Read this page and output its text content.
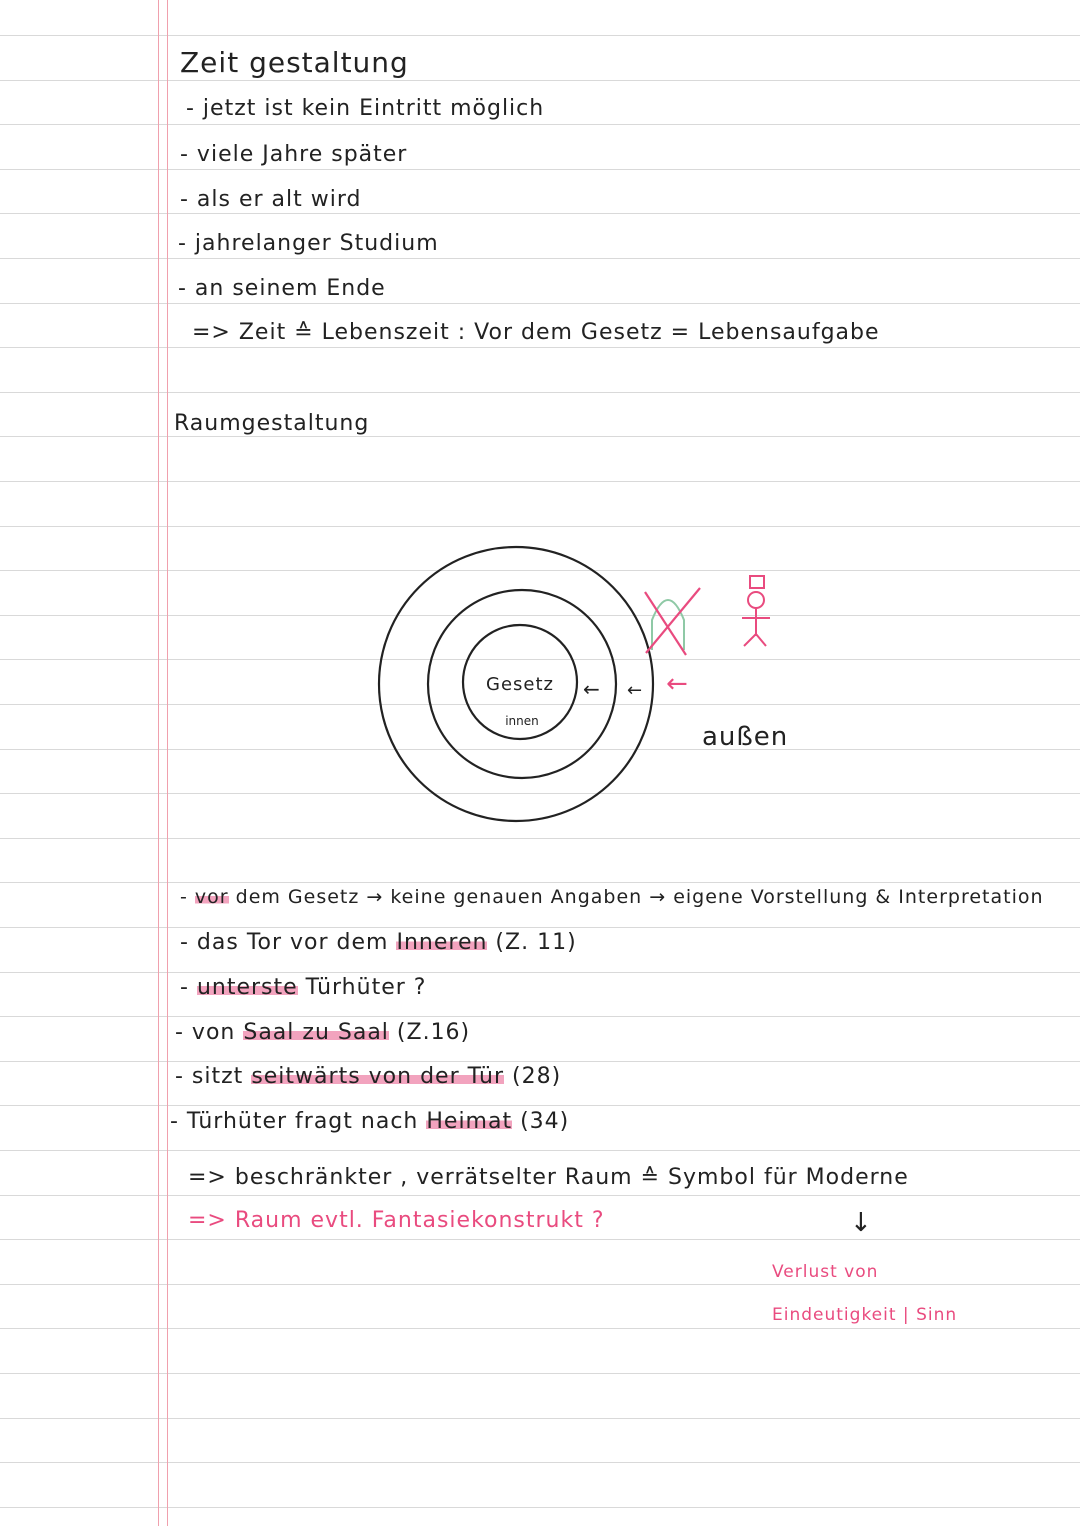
Zeit gestaltung
- jetzt ist kein Eintritt möglich
- viele Jahre später
- als er alt wird
- jahrelanger Studium
- an seinem Ende
=> Zeit ≙ Lebenszeit : Vor dem Gesetz = Lebensaufgabe
Raumgestaltung
Gesetz
innen
← ← ←
außen
- vor dem Gesetz → keine genauen Angaben → eigene Vorstellung & Interpretation
- das Tor vor dem Inneren (Z. 11)
- unterste Türhüter ?
- von Saal zu Saal (Z.16)
- sitzt seitwärts von der Tür (28)
- Türhüter fragt nach Heimat (34)
=> beschränkter , verrätselter Raum ≙ Symbol für Moderne
=> Raum evtl. Fantasiekonstrukt ?	↓
Verlust von
Eindeutigkeit | Sinn
